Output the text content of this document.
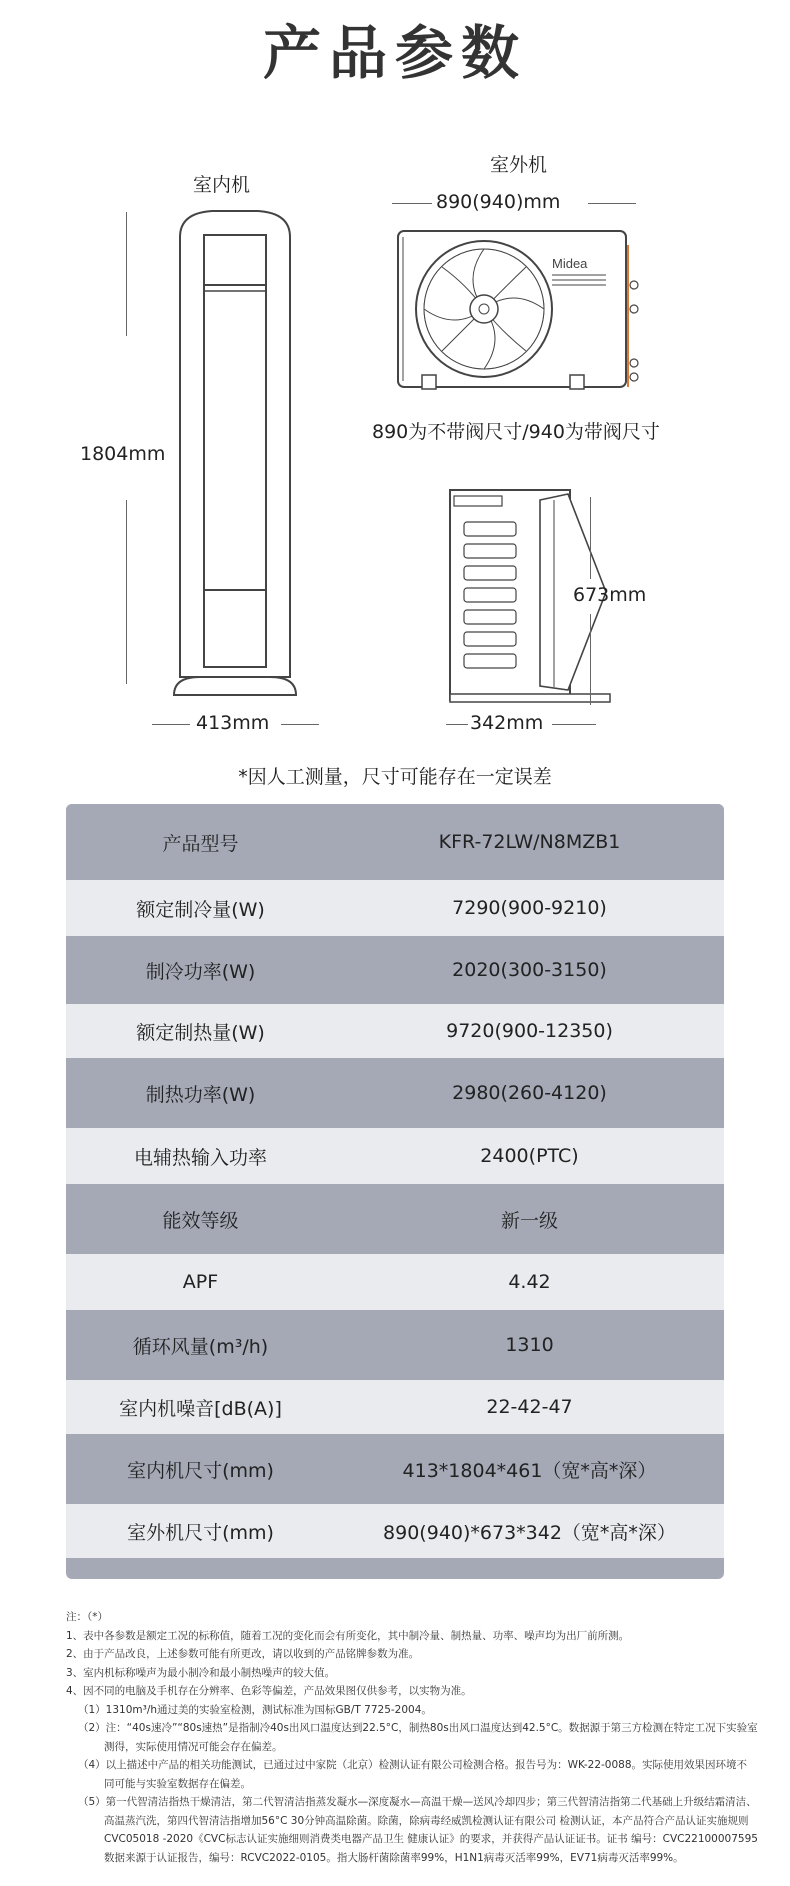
产品参数
室内机
1804mm
413mm
室外机
890(940)mm
Midea
890为不带阀尺寸/940为带阀尺寸
673mm
342mm
*因人工测量，尺寸可能存在一定误差
产品型号	KFR-72LW/N8MZB1
额定制冷量(W)	7290(900-9210)
制冷功率(W)	2020(300-3150)
额定制热量(W)	9720(900-12350)
制热功率(W)	2980(260-4120)
电辅热输入功率	2400(PTC)
能效等级	新一级
APF	4.42
循环风量(m³/h)	1310
室内机噪音[dB(A)]	22-42-47
室内机尺寸(mm)	413*1804*461（宽*高*深）
室外机尺寸(mm)	890(940)*673*342（宽*高*深）
注：（*）
1、表中各参数是额定工况的标称值，随着工况的变化而会有所变化，其中制冷量、制热量、功率、噪声均为出厂前所测。
2、由于产品改良，上述参数可能有所更改，请以收到的产品铭牌参数为准。
3、室内机标称噪声为最小制冷和最小制热噪声的较大值。
4、因不同的电脑及手机存在分辨率、色彩等偏差，产品效果图仅供参考，以实物为准。
（1）1310m³/h通过美的实验室检测，测试标准为国标GB/T 7725-2004。
（2）注：“40s速冷”“80s速热”是指制冷40s出风口温度达到22.5°C，制热80s出风口温度达到42.5°C。数据源于第三方检测在特定工况下实验室
测得，实际使用情况可能会存在偏差。
（4）以上描述中产品的相关功能测试，已通过过中家院（北京）检测认证有限公司检测合格。报告号为：WK-22-0088。实际使用效果因环境不
同可能与实验室数据存在偏差。
（5）第一代智清洁指热干燥清洁，第二代智清洁指蒸发凝水—深度凝水—高温干燥—送风冷却四步；第三代智清洁指第二代基础上升级结霜清洁、
高温蒸汽洗，第四代智清洁指增加56°C 30分钟高温除菌。除菌，除病毒经威凯检测认证有限公司 检测认证，本产品符合产品认证实施规则
CVC05018 -2020《CVC标志认证实施细则消费类电器产品卫生 健康认证》的要求，并获得产品认证证书。证书 编号：CVC22100007595
数据来源于认证报告，编号：RCVC2022-0105。指大肠杆菌除菌率99%，H1N1病毒灭活率99%，EV71病毒灭活率99%。
